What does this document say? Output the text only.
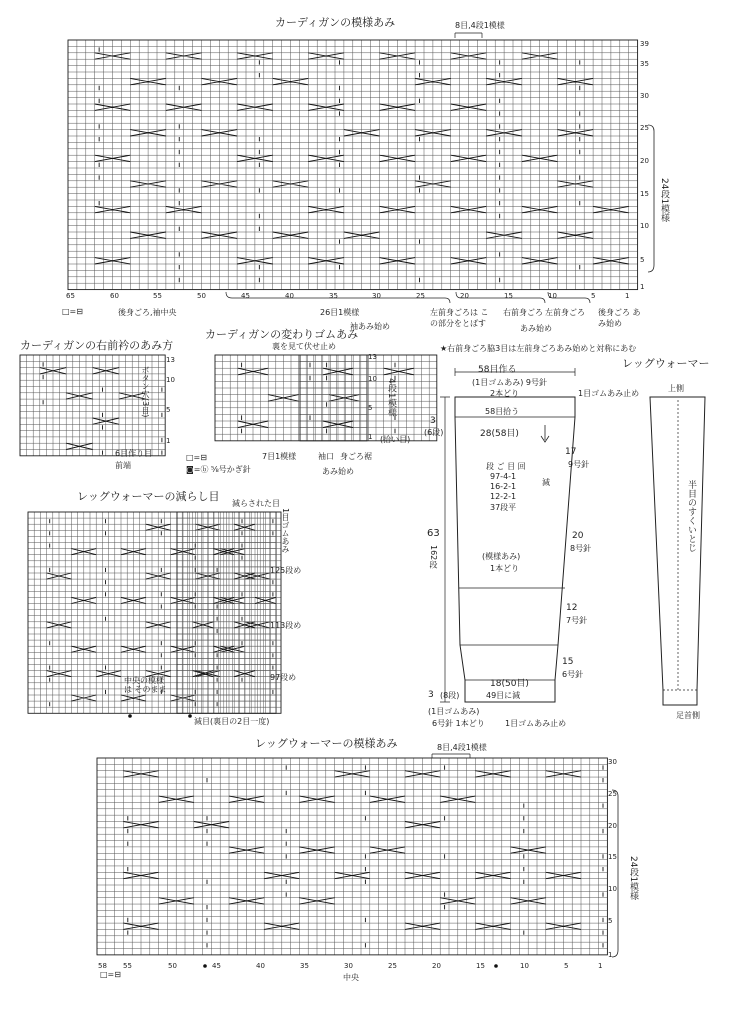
カーディガンの模様あみ	8目,4段1模様
24段1模様
□=⊟	後身ごろ,袖中央	26目1模様
袖あみ始め
左前身ごろは この部分をとばす
右前身ごろ 左前身ごろ 後身ごろ あみ始め
あみ始め
カーディガンの変わりゴムあみ
裏を見て伏せ止め
7目1模様
4段1模様
□=⊟
◙=ⓑ ⅝号かぎ針
袖口 身ごろ裾
あみ始め
(拾い目)
カーディガンの右前衿のあみ方
ボタン穴(3目)
6目作り目
前端
★右前身ごろ脇3目は左前身ごろあみ始めと対称にあむ
レッグウォーマー
上側
半目のすくいとじ
足首側
58目作る
(1目ゴムあみ) 9号針
2本どり	1目ゴムあみ止め
58目拾う
28(58目)
3
(6段)
63
162段
段 ご 目 回
97-4-1
16-2-1
12-2-1
37段平
減
(模様あみ)
1本どり
17
9号針
20
8号針
12
7号針
15
6号針
18(50目)
49目に減
3 (8段)
(1目ゴムあみ)
6号針 1本どり	1目ゴムあみ止め
レッグウォーマーの減らし目
減らされた目
1目ゴムあみ
125段め
113段め
97段め
中央の模様は そのまま
減目(裏目の2目一度)
レッグウォーマーの模様あみ	8目,4段1模様
24段1模様
中央
□=⊟
39
35
30
25
20
15
10
5
1
65	60	55	50	45	40	35	30	25	20	15	10	5	1
13
10
5
1
13
10
5
1
30
25
20
15
10
5
1
58 55	50	45	40	35	30	25	20	15	10	5	1
